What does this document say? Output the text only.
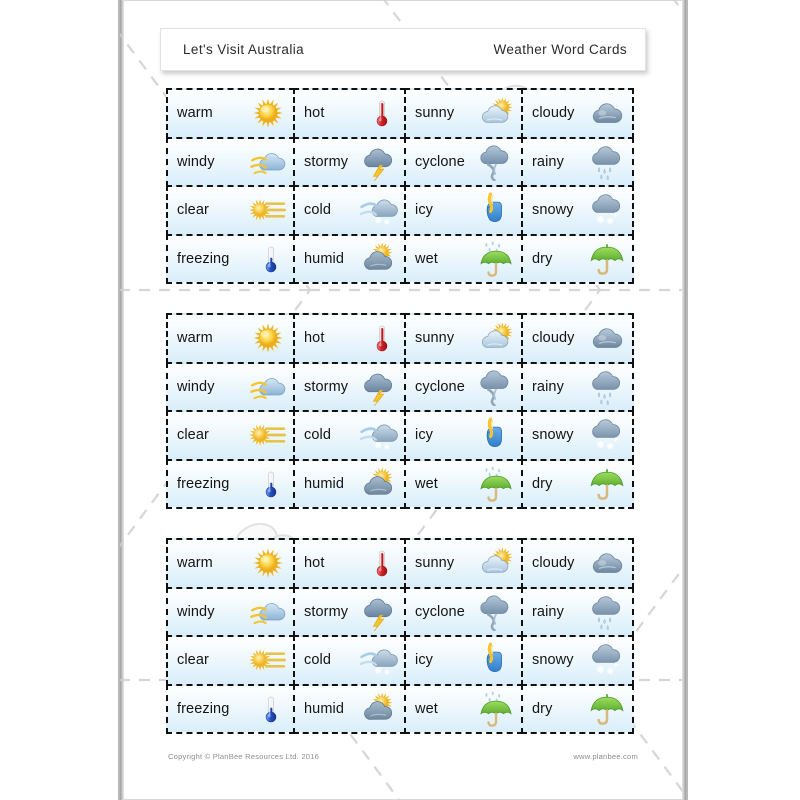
Let's Visit Australia	Weather Word Cards
warm	hot	sunny	cloudy
windy	stormy	cyclone	rainy
clear	cold	icy	snowy
freezing	humid	wet	dry
warm	hot	sunny	cloudy
windy	stormy	cyclone	rainy
clear	cold	icy	snowy
freezing	humid	wet	dry
warm	hot	sunny	cloudy
windy	stormy	cyclone	rainy
clear	cold	icy	snowy
freezing	humid	wet	dry
Copyright © PlanBee Resources Ltd. 2016	www.planbee.com
